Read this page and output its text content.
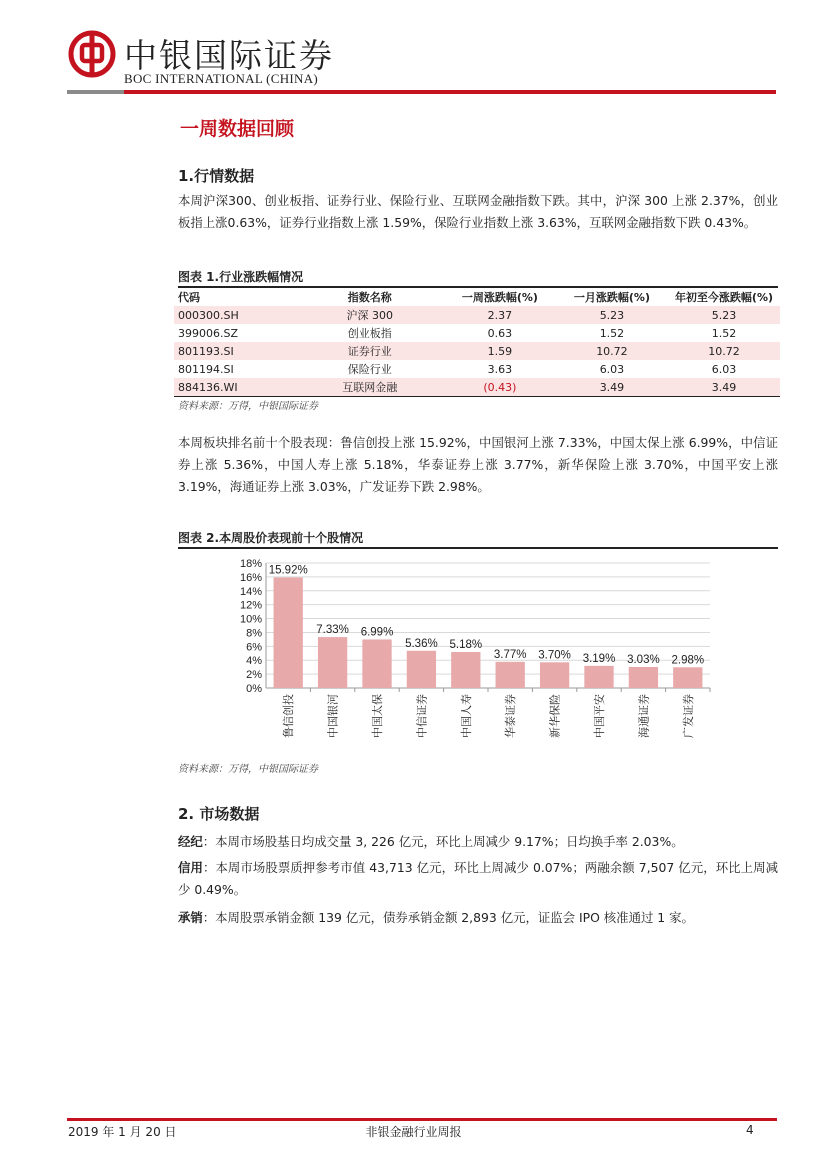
中银国际证券
BOC INTERNATIONAL (CHINA)
一周数据回顾
1.行情数据
本周沪深300、创业板指、证券行业、保险行业、互联网金融指数下跌。其中，沪深 300 上涨 2.37%，创业板指上涨0.63%，证券行业指数上涨 1.59%，保险行业指数上涨 3.63%，互联网金融指数下跌 0.43%。
图表 1.行业涨跌幅情况
代码	指数名称	一周涨跌幅(%)	一月涨跌幅(%)	年初至今涨跌幅(%)
000300.SH	沪深 300	2.37	5.23	5.23
399006.SZ	创业板指	0.63	1.52	1.52
801193.SI	证券行业	1.59	10.72	10.72
801194.SI	保险行业	3.63	6.03	6.03
884136.WI	互联网金融	(0.43)	3.49	3.49
资料来源：万得，中银国际证券
本周板块排名前十个股表现：鲁信创投上涨 15.92%，中国银河上涨 7.33%，中国太保上涨 6.99%，中信证券上涨 5.36%，中国人寿上涨 5.18%，华泰证券上涨 3.77%，新华保险上涨 3.70%，中国平安上涨 3.19%，海通证券上涨 3.03%，广发证券下跌 2.98%。
图表 2.本周股价表现前十个股情况
0%
2%
4%
6%
8%
10%
12%
14%
16%
18%
15.92%
鲁信创投
7.33%
中国银河
6.99%
中国太保
5.36%
中信证券
5.18%
中国人寿
3.77%
华泰证券
3.70%
新华保险
3.19%
中国平安
3.03%
海通证券
2.98%
广发证券
资料来源：万得，中银国际证券
2. 市场数据
经纪：本周市场股基日均成交量 3, 226 亿元，环比上周减少 9.17%；日均换手率 2.03%。
信用：本周市场股票质押参考市值 43,713 亿元，环比上周减少 0.07%；两融余额 7,507 亿元，环比上周减少 0.49%。
承销：本周股票承销金额 139 亿元，债券承销金额 2,893 亿元，证监会 IPO 核准通过 1 家。
2019 年 1 月 20 日	非银金融行业周报	4
